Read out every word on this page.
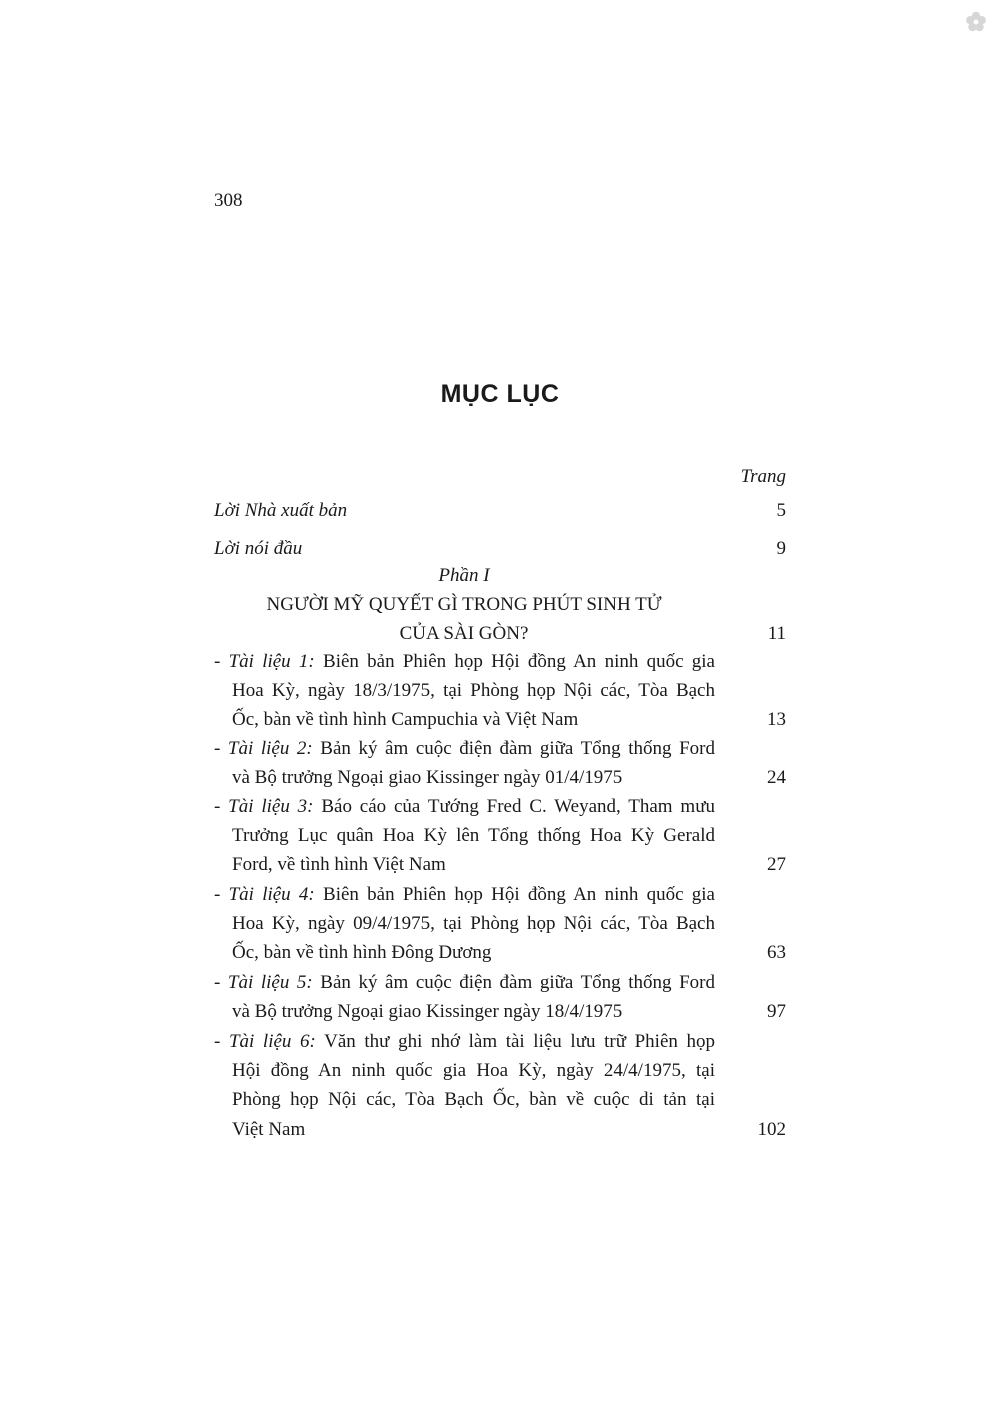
308
MỤC LỤC
Trang
Lời Nhà xuất bản	5
Lời nói đầu	9
Phần I
NGƯỜI MỸ QUYẾT GÌ TRONG PHÚT SINH TỬ
CỦA SÀI GÒN?	11
- Tài liệu 1: Biên bản Phiên họp Hội đồng An ninh quốc gia
Hoa Kỳ, ngày 18/3/1975, tại Phòng họp Nội các, Tòa Bạch
Ốc, bàn về tình hình Campuchia và Việt Nam	13
- Tài liệu 2: Bản ký âm cuộc điện đàm giữa Tổng thống Ford
và Bộ trưởng Ngoại giao Kissinger ngày 01/4/1975	24
- Tài liệu 3: Báo cáo của Tướng Fred C. Weyand, Tham mưu
Trưởng Lục quân Hoa Kỳ lên Tổng thống Hoa Kỳ Gerald
Ford, về tình hình Việt Nam	27
- Tài liệu 4: Biên bản Phiên họp Hội đồng An ninh quốc gia
Hoa Kỳ, ngày 09/4/1975, tại Phòng họp Nội các, Tòa Bạch
Ốc, bàn về tình hình Đông Dương	63
- Tài liệu 5: Bản ký âm cuộc điện đàm giữa Tổng thống Ford
và Bộ trưởng Ngoại giao Kissinger ngày 18/4/1975	97
- Tài liệu 6: Văn thư ghi nhớ làm tài liệu lưu trữ Phiên họp
Hội đồng An ninh quốc gia Hoa Kỳ, ngày 24/4/1975, tại
Phòng họp Nội các, Tòa Bạch Ốc, bàn về cuộc di tản tại
Việt Nam	102
